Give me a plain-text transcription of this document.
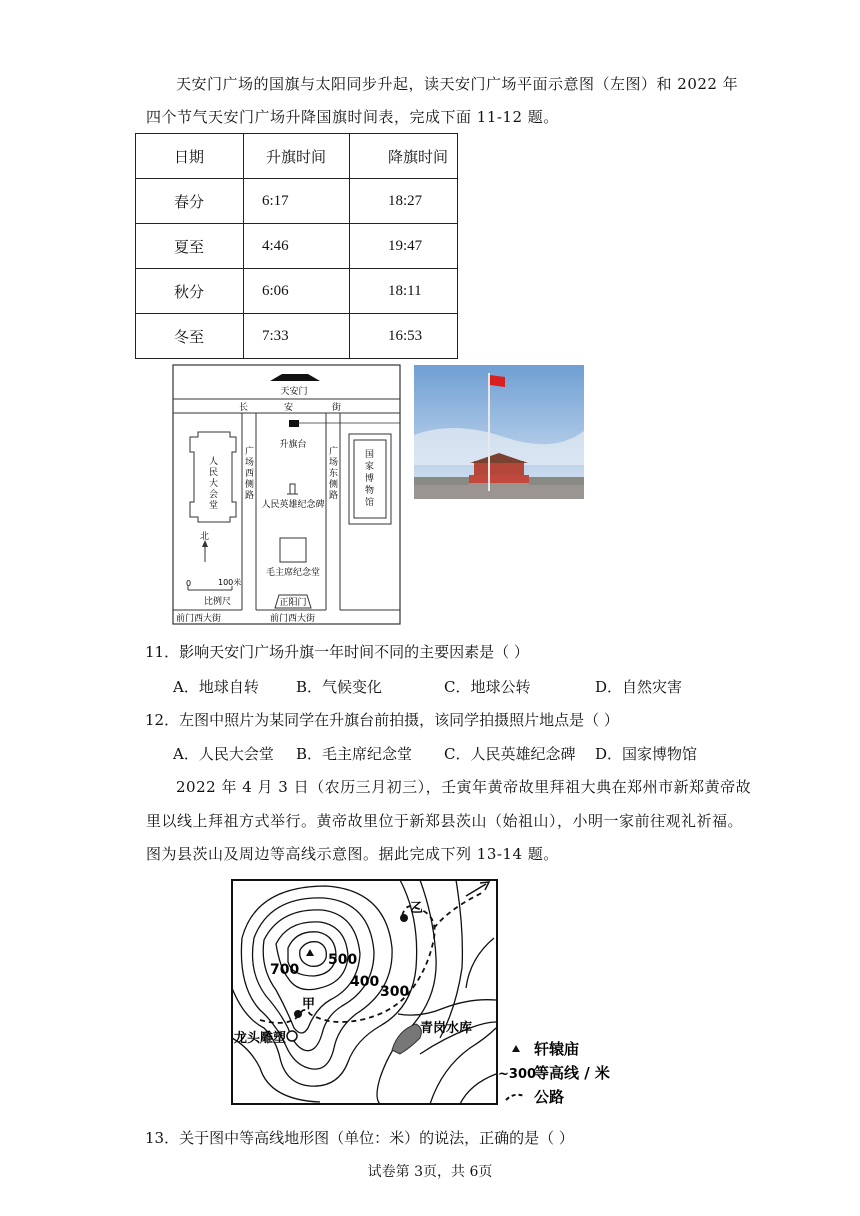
天安门广场的国旗与太阳同步升起，读天安门广场平面示意图（左图）和 2022 年
四个节气天安门广场升降国旗时间表，完成下面 11-12 题。
日期	升旗时间	降旗时间
春分	6:17	18:27
夏至	4:46	19:47
秋分	6:06	18:11
冬至	7:33	16:53
天安门
长	安	街
升旗台
人
民
大
会
堂
广
场
西
侧
路
广
场
东
侧
路
国
家
博
物
馆
人民英雄纪念碑
北
0	100米
比例尺
毛主席纪念堂
正阳门
前门西大街	前门西大街
11．影响天安门广场升旗一年时间不同的主要因素是（ ）
A．地球自转 B．气候变化	C．地球公转	D．自然灾害
12．左图中照片为某同学在升旗台前拍摄，该同学拍摄照片地点是（ ）
A．人民大会堂 B．毛主席纪念堂 C．人民英雄纪念碑 D．国家博物馆
2022 年 4 月 3 日（农历三月初三），壬寅年黄帝故里拜祖大典在郑州市新郑黄帝故
里以线上拜祖方式举行。黄帝故里位于新郑县茨山（始祖山），小明一家前往观礼祈福。
图为县茨山及周边等高线示意图。据此完成下列 13-14 题。
700
500
400
300
甲
乙
龙头雕塑
青岗水库
轩辕庙
~300
等高线 / 米
公路
13．关于图中等高线地形图（单位：米）的说法，正确的是（ ）
试卷第 3页，共 6页
